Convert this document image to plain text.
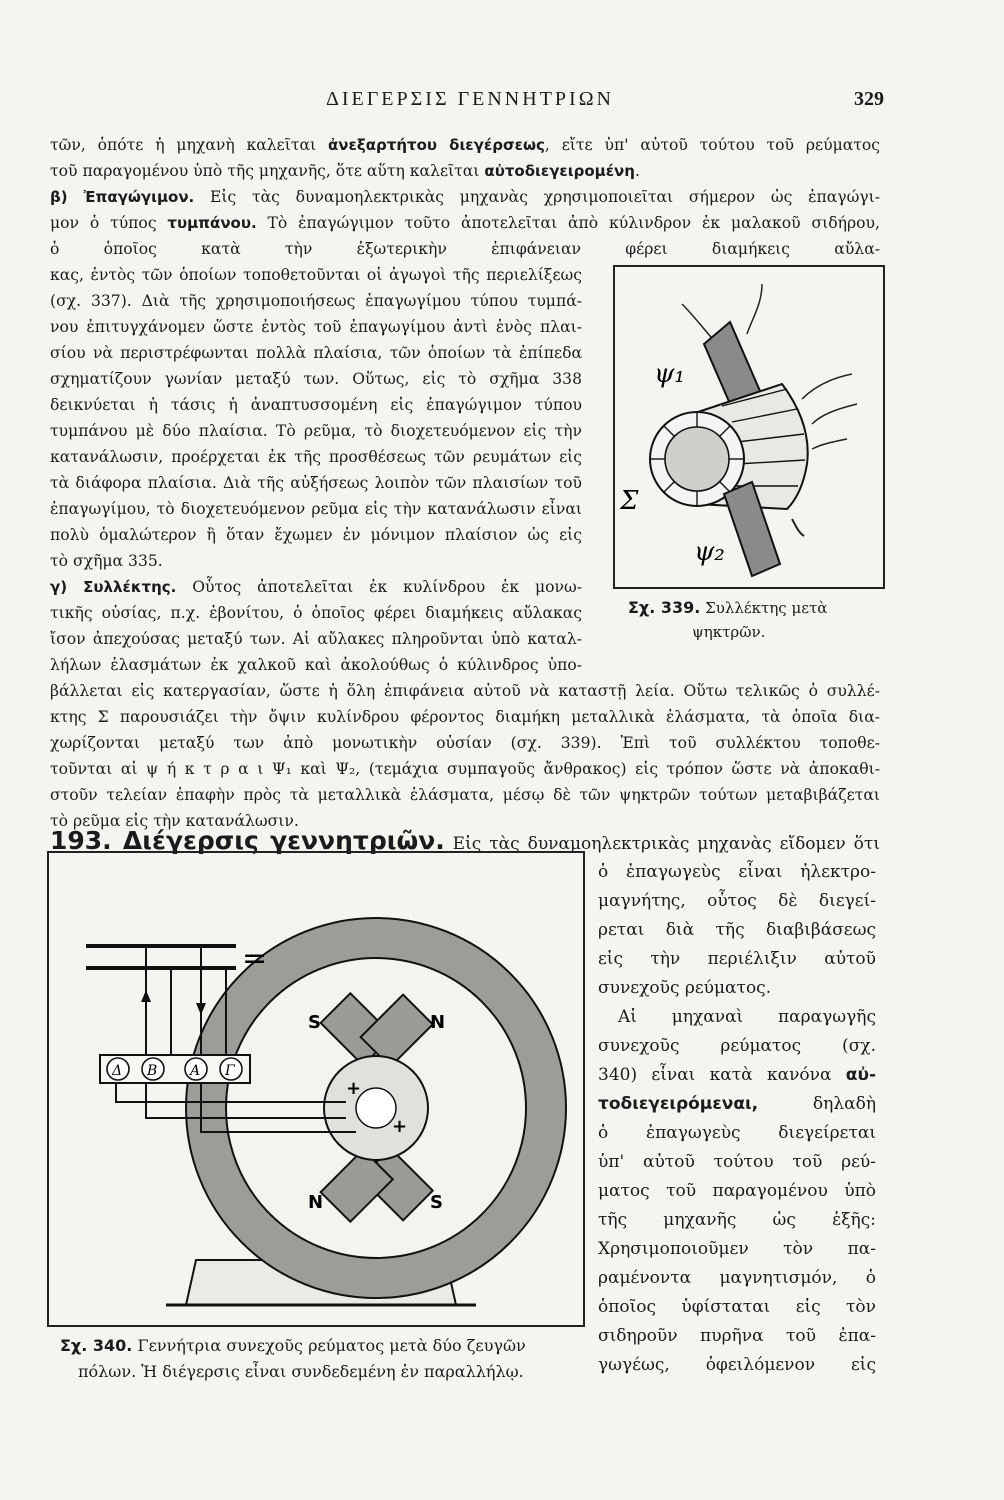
ΔΙΕΓΕΡΣΙΣ ΓΕΝΝΗΤΡΙΩΝ	329
τῶν, ὁπότε ἡ μηχανὴ καλεῖται ἀνεξαρτήτου διεγέρσεως, εἴτε ὑπ' αὐτοῦ τούτου τοῦ ρεύματος
τοῦ παραγομένου ὑπὸ τῆς μηχανῆς, ὅτε αὕτη καλεῖται αὐτοδιεγειρομένη.
β) Ἐπαγώγιμον. Εἰς τὰς δυναμοηλεκτρικὰς μηχανὰς χρησιμοποιεῖται σήμερον ὡς ἐπαγώγι-
μον ὁ τύπος τυμπάνου. Τὸ ἐπαγώγιμον τοῦτο ἀποτελεῖται ἀπὸ κύλινδρον ἐκ μαλακοῦ σιδήρου,
ὁ ὁποῖος κατὰ τὴν ἐξωτερικὴν ἐπιφάνειαν φέρει διαμήκεις αὔλα-
κας, ἐντὸς τῶν ὁποίων τοποθετοῦνται οἱ ἀγωγοὶ τῆς περιελίξεως
(σχ. 337). Διὰ τῆς χρησιμοποιήσεως ἐπαγωγίμου τύπου τυμπά-
νου ἐπιτυγχάνομεν ὥστε ἐντὸς τοῦ ἐπαγωγίμου ἀντὶ ἑνὸς πλαι-
σίου νὰ περιστρέφωνται πολλὰ πλαίσια, τῶν ὁποίων τὰ ἐπίπεδα
σχηματίζουν γωνίαν μεταξύ των. Οὕτως, εἰς τὸ σχῆμα 338
δεικνύεται ἡ τάσις ἡ ἀναπτυσσομένη εἰς ἐπαγώγιμον τύπου
τυμπάνου μὲ δύο πλαίσια. Τὸ ρεῦμα, τὸ διοχετευόμενον εἰς τὴν
κατανάλωσιν, προέρχεται ἐκ τῆς προσθέσεως τῶν ρευμάτων εἰς
τὰ διάφορα πλαίσια. Διὰ τῆς αὐξήσεως λοιπὸν τῶν πλαισίων τοῦ
ἐπαγωγίμου, τὸ διοχετευόμενον ρεῦμα εἰς τὴν κατανάλωσιν εἶναι
πολὺ ὁμαλώτερον ἢ ὅταν ἔχωμεν ἐν μόνιμον πλαίσιον ὡς εἰς
τὸ σχῆμα 335.
γ) Συλλέκτης. Οὗτος ἀποτελεῖται ἐκ κυλίνδρου ἐκ μονω-
τικῆς οὐσίας, π.χ. ἐβονίτου, ὁ ὁποῖος φέρει διαμήκεις αὔλακας
ἴσον ἀπεχούσας μεταξύ των. Αἱ αὔλακες πληροῦνται ὑπὸ καταλ-
λήλων ἐλασμάτων ἐκ χαλκοῦ καὶ ἀκολούθως ὁ κύλινδρος ὑπο-
βάλλεται εἰς κατεργασίαν, ὥστε ἡ ὅλη ἐπιφάνεια αὐτοῦ νὰ καταστῇ λεία. Οὕτω τελικῶς ὁ συλλέ-
κτης Σ παρουσιάζει τὴν ὄψιν κυλίνδρου φέροντος διαμήκη μεταλλικὰ ἐλάσματα, τὰ ὁποῖα δια-
χωρίζονται μεταξύ των ἀπὸ μονωτικὴν οὐσίαν (σχ. 339). Ἐπὶ τοῦ συλλέκτου τοποθε-
τοῦνται αἱ ψ ή κ τ ρ α ι Ψ₁ καὶ Ψ₂, (τεμάχια συμπαγοῦς ἄνθρακος) εἰς τρόπον ὥστε νὰ ἀποκαθι-
στοῦν τελείαν ἐπαφὴν πρὸς τὰ μεταλλικὰ ἐλάσματα, μέσῳ δὲ τῶν ψηκτρῶν τούτων μεταβιβάζεται
τὸ ρεῦμα εἰς τὴν κατανάλωσιν.
ψ₁
Σ
ψ₂
Σχ. 339. Συλλέκτης μετὰ
ψηκτρῶν.
193. Διέγερσις γεννητριῶν. Εἰς τὰς δυναμοηλεκτρικὰς μηχανὰς εἴδομεν ὅτι
ὁ ἐπαγωγεὺς εἶναι ἠλεκτρο-
μαγνήτης, οὗτος δὲ διεγεί-
ρεται διὰ τῆς διαβιβάσεως
εἰς τὴν περιέλιξιν αὐτοῦ
συνεχοῦς ρεύματος.
Αἱ μηχαναὶ παραγωγῆς
συνεχοῦς ρεύματος (σχ.
340) εἶναι κατὰ κανόνα αὐ-
τοδιεγειρόμεναι, δηλαδὴ
ὁ ἐπαγωγεὺς διεγείρεται
ὑπ' αὐτοῦ τούτου τοῦ ρεύ-
ματος τοῦ παραγομένου ὑπὸ
τῆς μηχανῆς ὡς ἑξῆς:
Χρησιμοποιοῦμεν τὸν πα-
ραμένοντα μαγνητισμόν, ὁ
ὁποῖος ὑφίσταται εἰς τὸν
σιδηροῦν πυρῆνα τοῦ ἐπα-
γωγέως, ὀφειλόμενον εἰς
+
+
S	N
S
N
=
Δ Β Α Γ
Σχ. 340. Γεννήτρια συνεχοῦς ρεύματος μετὰ δύο ζευγῶν
πόλων. Ἡ διέγερσις εἶναι συνδεδεμένη ἐν παραλλήλῳ.
